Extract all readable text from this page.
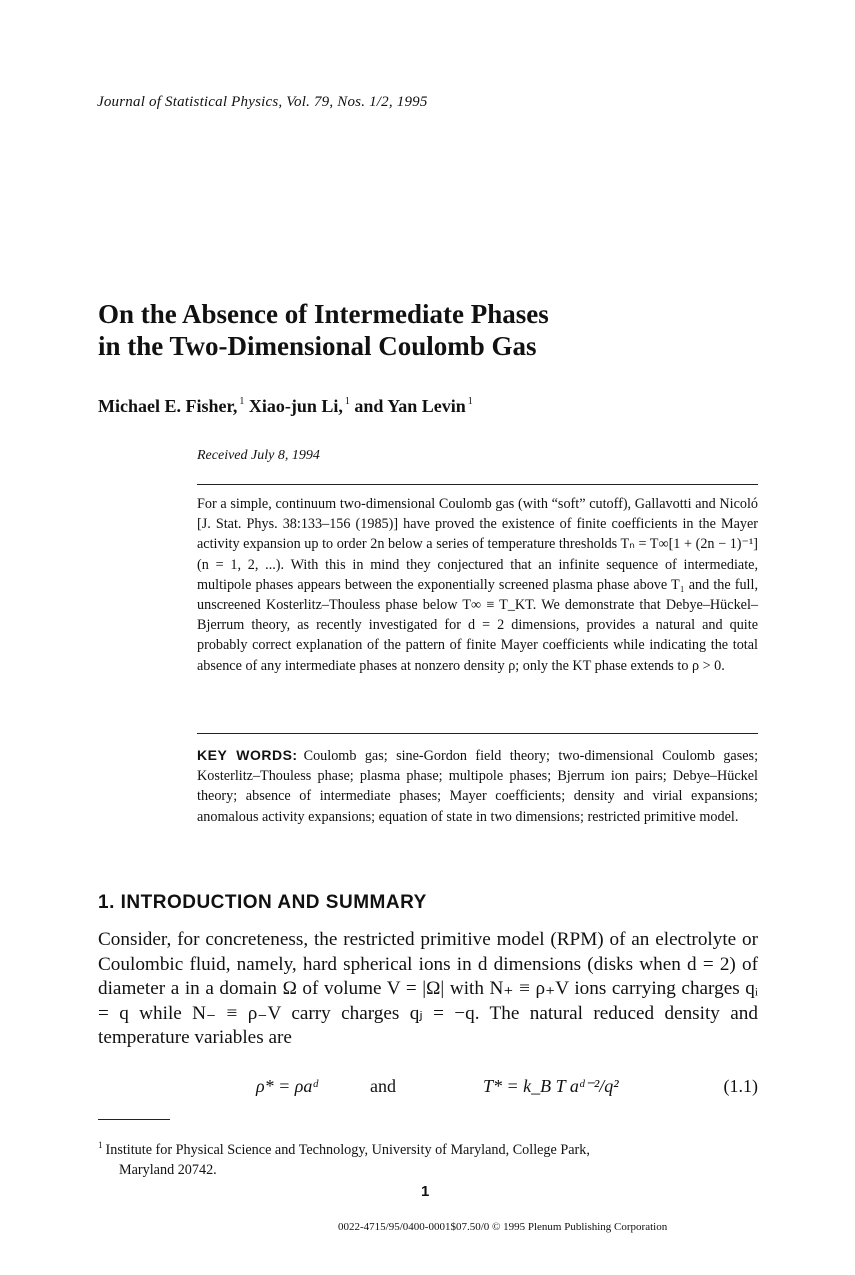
Journal of Statistical Physics, Vol. 79, Nos. 1/2, 1995
On the Absence of Intermediate Phases
in the Two-Dimensional Coulomb Gas
Michael E. Fisher, $^1$ Xiao-jun Li, $^1$ and Yan Levin $^1$
Received July 8, 1994
For a simple, continuum two-dimensional Coulomb gas (with “soft” cutoff), Gallavotti and Nicoló [J. Stat. Phys. 38:133–156 (1985)] have proved the existence of finite coefficients in the Mayer activity expansion up to order 2n below a series of temperature thresholds Tₙ = T∞[1 + (2n − 1)⁻¹] (n = 1, 2, ...). With this in mind they conjectured that an infinite sequence of intermediate, multipole phases appears between the exponentially screened plasma phase above T₁ and the full, unscreened Kosterlitz–Thouless phase below T∞ ≡ T_KT. We demonstrate that Debye–Hückel–Bjerrum theory, as recently investigated for d = 2 dimensions, provides a natural and quite probably correct explanation of the pattern of finite Mayer coefficients while indicating the total absence of any intermediate phases at nonzero density ρ; only the KT phase extends to ρ > 0.
KEY WORDS: Coulomb gas; sine-Gordon field theory; two-dimensional Coulomb gases; Kosterlitz–Thouless phase; plasma phase; multipole phases; Bjerrum ion pairs; Debye–Hückel theory; absence of intermediate phases; Mayer coefficients; density and virial expansions; anomalous activity expansions; equation of state in two dimensions; restricted primitive model.
1. INTRODUCTION AND SUMMARY
Consider, for concreteness, the restricted primitive model (RPM) of an electrolyte or Coulombic fluid, namely, hard spherical ions in d dimensions (disks when d = 2) of diameter a in a domain Ω of volume V = |Ω| with N₊ ≡ ρ₊V ions carrying charges qᵢ = q while N₋ ≡ ρ₋V carry charges qⱼ = −q. The natural reduced density and temperature variables are
ρ* = ρaᵈ	and	T* = k_B T aᵈ⁻²/q²	(1.1)
$^1$ Institute for Physical Science and Technology, University of Maryland, College Park,
Maryland 20742.
1
0022-4715/95/0400-0001$07.50/0 © 1995 Plenum Publishing Corporation
